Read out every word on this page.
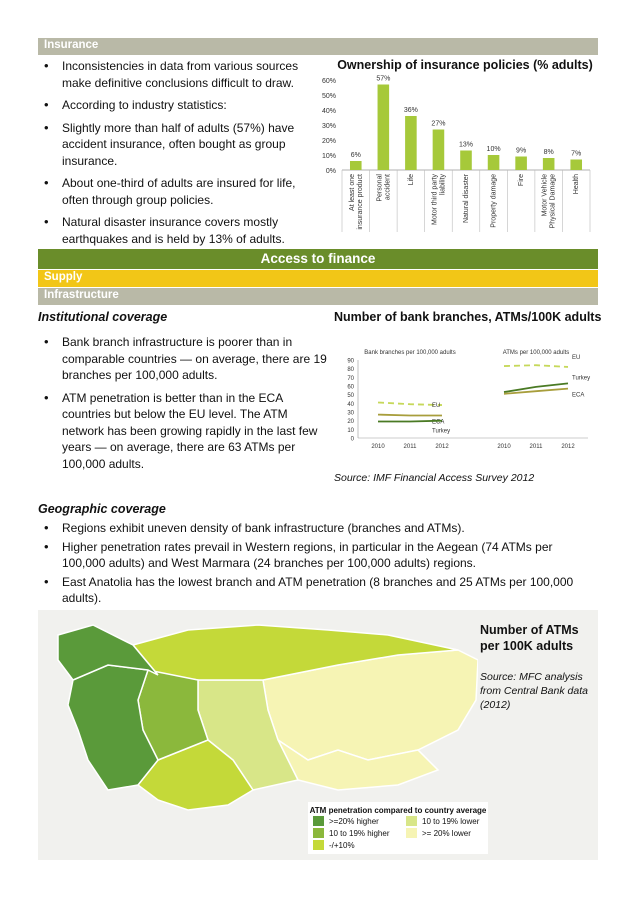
Insurance
• Inconsistencies in data from various sources make definitive conclusions difficult to draw.
• According to industry statistics:
• Slightly more than half of adults (57%) have accident insurance, often bought as group insurance.
• About one-third of adults are insured for life, often through group policies.
• Natural disaster insurance covers mostly earthquakes and is held by 13% of adults.
Ownership of insurance policies (% adults)
0%
10%
20%
30%
40%
50%
60%
6%
At least one insurance product
57%
Personal accident
36%
Life
27%
Motor third party liability
13%
Natural disaster
10%
Property damage
9%
Fire
8%
Motor Vehicle Physical Damage
7%
Health
Access to finance
Supply
Infrastructure
Institutional coverage
• Bank branch infrastructure is poorer than in comparable countries — on average, there are 19 branches per 100,000 adults.
• ATM penetration is better than in the ECA countries but below the EU level. The ATM network has been growing rapidly in the last few years — on average, there are 63 ATMs per 100,000 adults.
Number of bank branches, ATMs/100K adults
0
10
20
30
40
50
60
70
80
90
Bank branches per 100,000 adults
2010	2011	2012
EU
ECA
Turkey
ATMs per 100,000 adults
2010	2011	2012
EU
Turkey
ECA
Source: IMF Financial Access Survey 2012
Geographic coverage
• Regions exhibit uneven density of bank infrastructure (branches and ATMs).
• Higher penetration rates prevail in Western regions, in particular in the Aegean (74 ATMs per 100,000 adults) and West Marmara (24 branches per 100,000 adults) regions.
• East Anatolia has the lowest branch and ATM penetration (8 branches and 25 ATMs per 100,000 adults).
Number of ATMs per 100K adults
Source: MFC analysis from Central Bank data (2012)
ATM penetration compared to country average
>=20% higher	10 to 19% lower
10 to 19% higher	>= 20% lower
-/+10%
